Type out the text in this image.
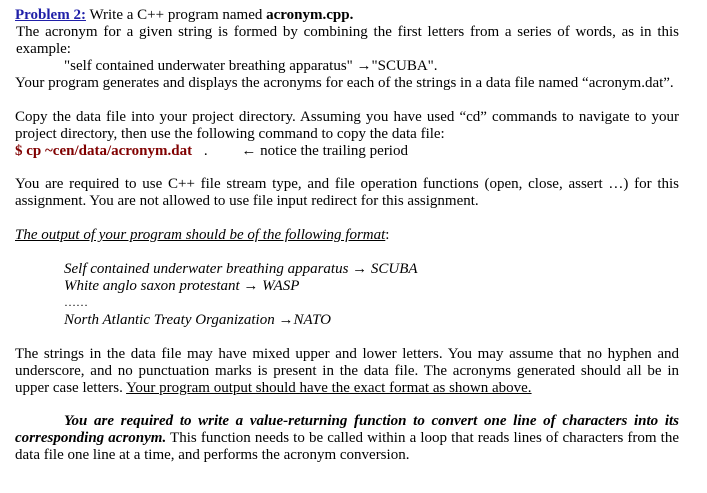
Problem 2: Write a C++ program named acronym.cpp.

The acronym for a given string is formed by combining the first letters from a series of words, as in this example:

"self contained underwater breathing apparatus" →"SCUBA".

Your program generates and displays the acronyms for each of the strings in a data file named “acronym.dat”.

Copy the data file into your project directory. Assuming you have used “cd” commands to navigate to your project directory, then use the following command to copy the data file:

$ cp ~cen/data/acronym.dat . ← notice the trailing period

You are required to use C++ file stream type, and file operation functions (open, close, assert …) for this assignment. You are not allowed to use file input redirect for this assignment.

The output of your program should be of the following format:

Self contained underwater breathing apparatus → SCUBA

White anglo saxon protestant → WASP

……

North Atlantic Treaty Organization →NATO

The strings in the data file may have mixed upper and lower letters. You may assume that no hyphen and underscore, and no punctuation marks is present in the data file. The acronyms generated should all be in upper case letters. Your program output should have the exact format as shown above.

You are required to write a value-returning function to convert one line of characters into its corresponding acronym. This function needs to be called within a loop that reads lines of characters from the data file one line at a time, and performs the acronym conversion.
